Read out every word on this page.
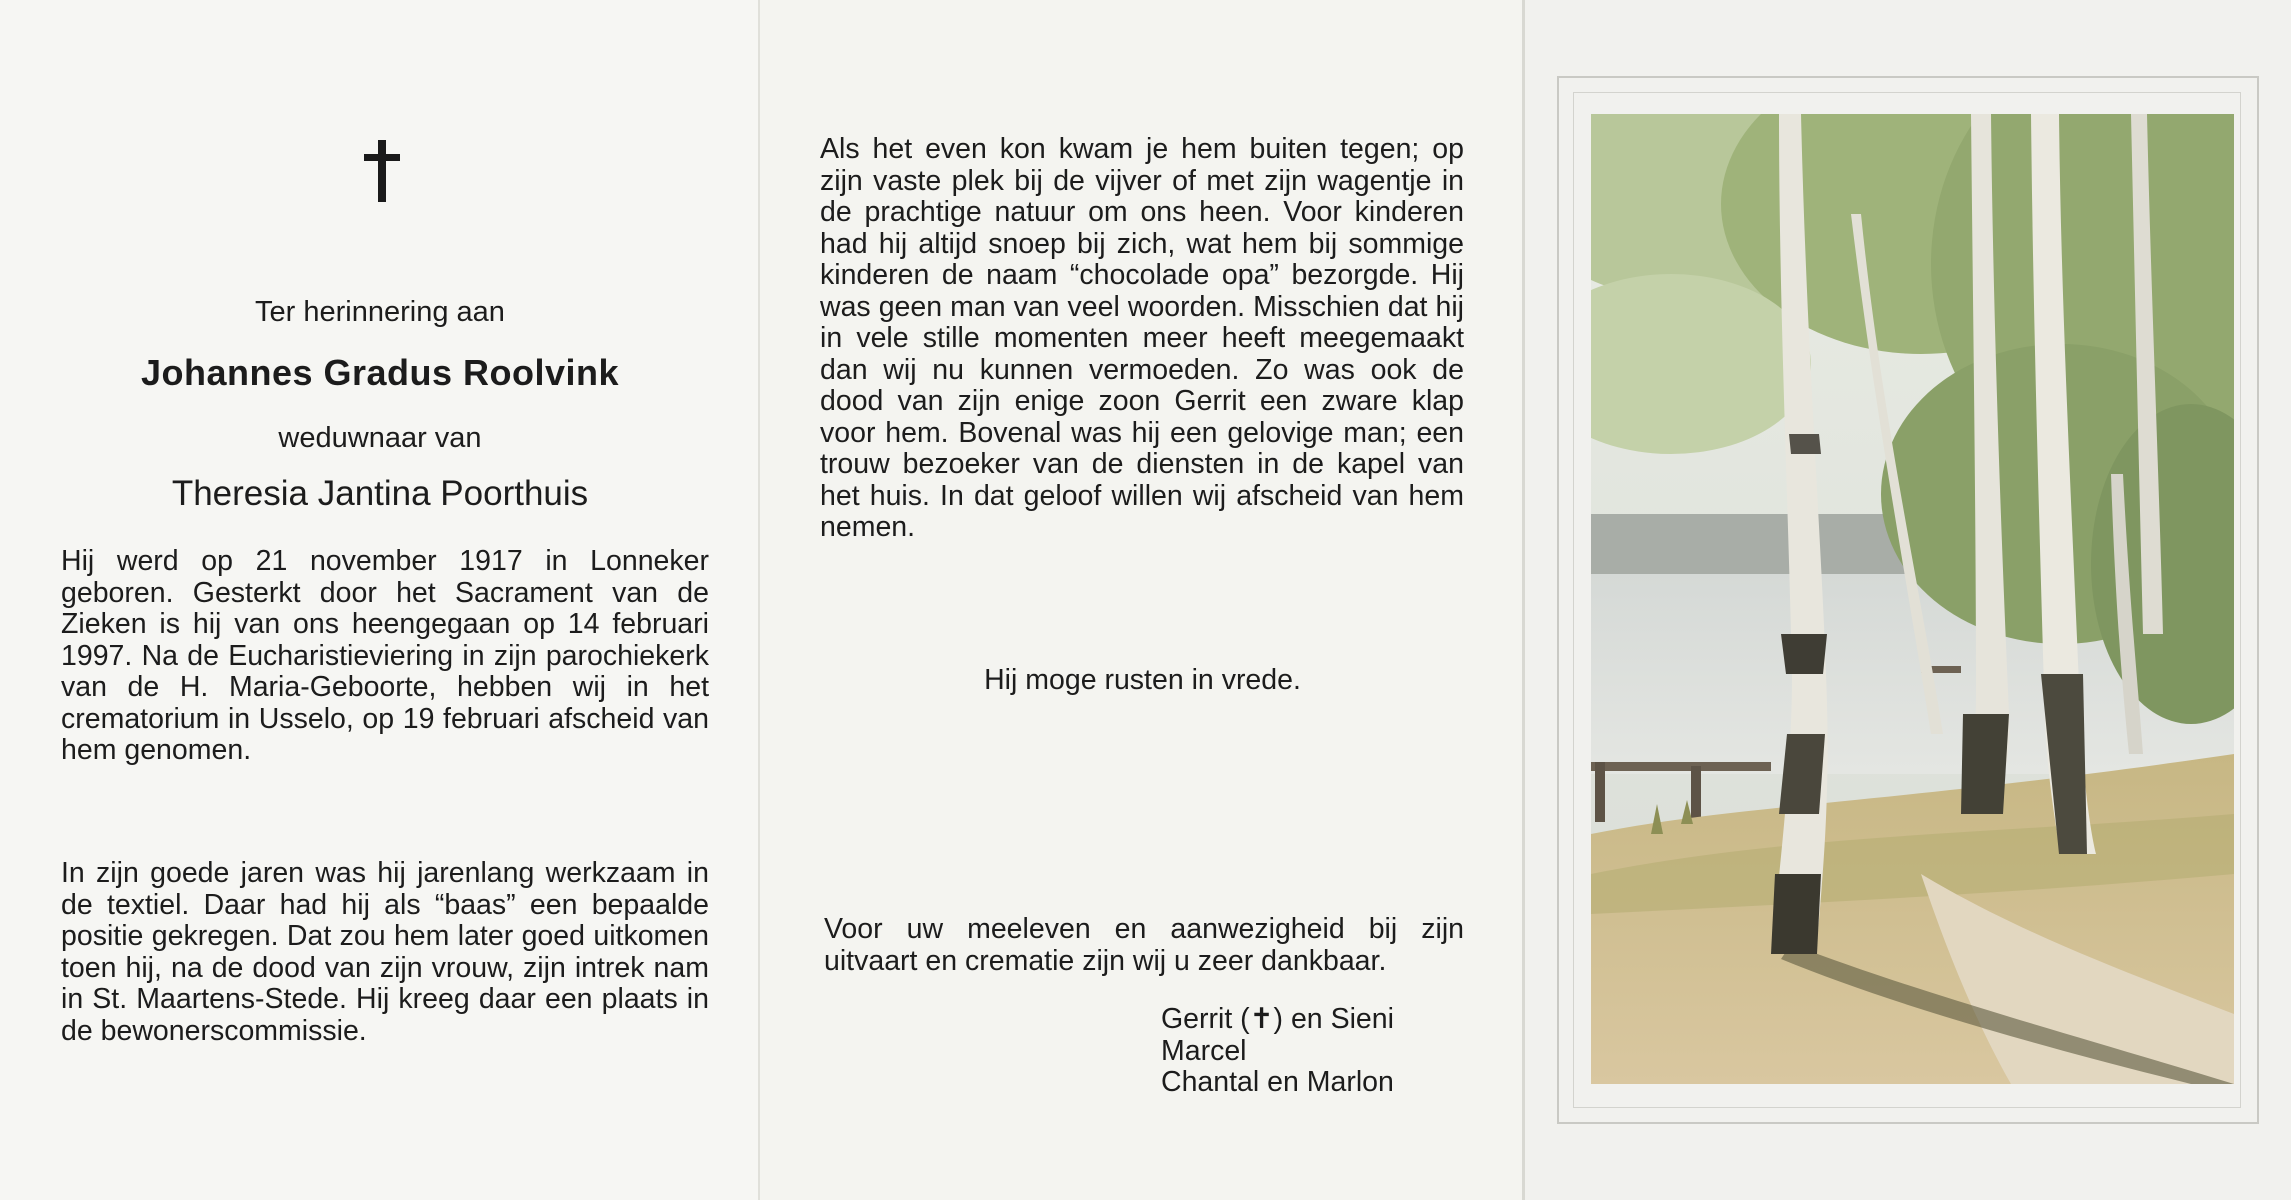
Ter herinnering aan

Johannes Gradus Roolvink

weduwnaar van

Theresia Jantina Poorthuis

Hij werd op 21 november 1917 in Lonneker geboren. Gesterkt door het Sacrament van de Zieken is hij van ons heengegaan op 14 februari 1997. Na de Eucharistieviering in zijn parochiekerk van de H. Maria-Geboorte, hebben wij in het crematorium in Usselo, op 19 februari afscheid van hem genomen.

In zijn goede jaren was hij jarenlang werkzaam in de textiel. Daar had hij als “baas” een bepaalde positie gekregen. Dat zou hem later goed uitkomen toen hij, na de dood van zijn vrouw, zijn intrek nam in St. Maartens-Stede. Hij kreeg daar een plaats in de bewonerscommissie.

Als het even kon kwam je hem buiten tegen; op zijn vaste plek bij de vijver of met zijn wagentje in de prachtige natuur om ons heen. Voor kinderen had hij altijd snoep bij zich, wat hem bij sommige kinderen de naam “chocolade opa” bezorgde. Hij was geen man van veel woorden. Misschien dat hij in vele stille momenten meer heeft meegemaakt dan wij nu kunnen vermoeden. Zo was ook de dood van zijn enige zoon Gerrit een zware klap voor hem. Bovenal was hij een gelovige man; een trouw bezoeker van de diensten in de kapel van het huis. In dat geloof willen wij afscheid van hem nemen.

Hij moge rusten in vrede.

Voor uw meeleven en aanwezigheid bij zijn uitvaart en crematie zijn wij u zeer dankbaar.

Gerrit (✝) en Sieni
Marcel
Chantal en Marlon
